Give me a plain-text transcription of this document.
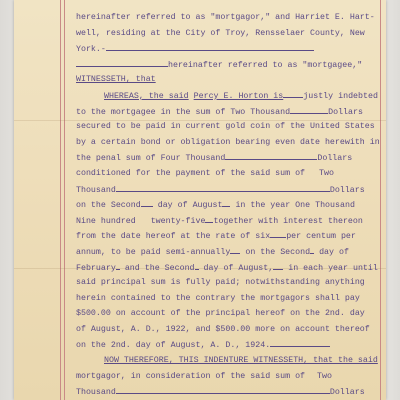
hereinafter referred to as "mortgagor," and Harriet E. Hart-
well, residing at the City of Troy, Rensselaer County, New
York.-
hereinafter referred to as "mortgagee,"
WITNESSETH, that
WHEREAS, the said Percy E. Horton is justly indebted
to the mortgagee in the sum of Two Thousand	Dollars
secured to be paid in current gold coin of the United States
by a certain bond or obligation bearing even date herewith in
the penal sum of Four Thousand	Dollars
conditioned for the payment of the said sum of Two
Thousand	Dollars
on the Second day of August in the year One Thousand
Nine hundred twenty-five together with interest thereon
from the date hereof at the rate of six per centum per
annum, to be paid semi-annually on the Second day of
February and the Second day of August, in each year until
said principal sum is fully paid; notwithstanding anything
herein contained to the contrary the mortgagors shall pay
$500.00 on account of the principal hereof on the 2nd. day
of August, A. D., 1922, and $500.00 more on account thereof
on the 2nd. day of August, A. D., 1924.
NOW THEREFORE, THIS INDENTURE WITNESSETH, that the said
mortgagor, in consideration of the said sum of Two
Thousand	Dollars
